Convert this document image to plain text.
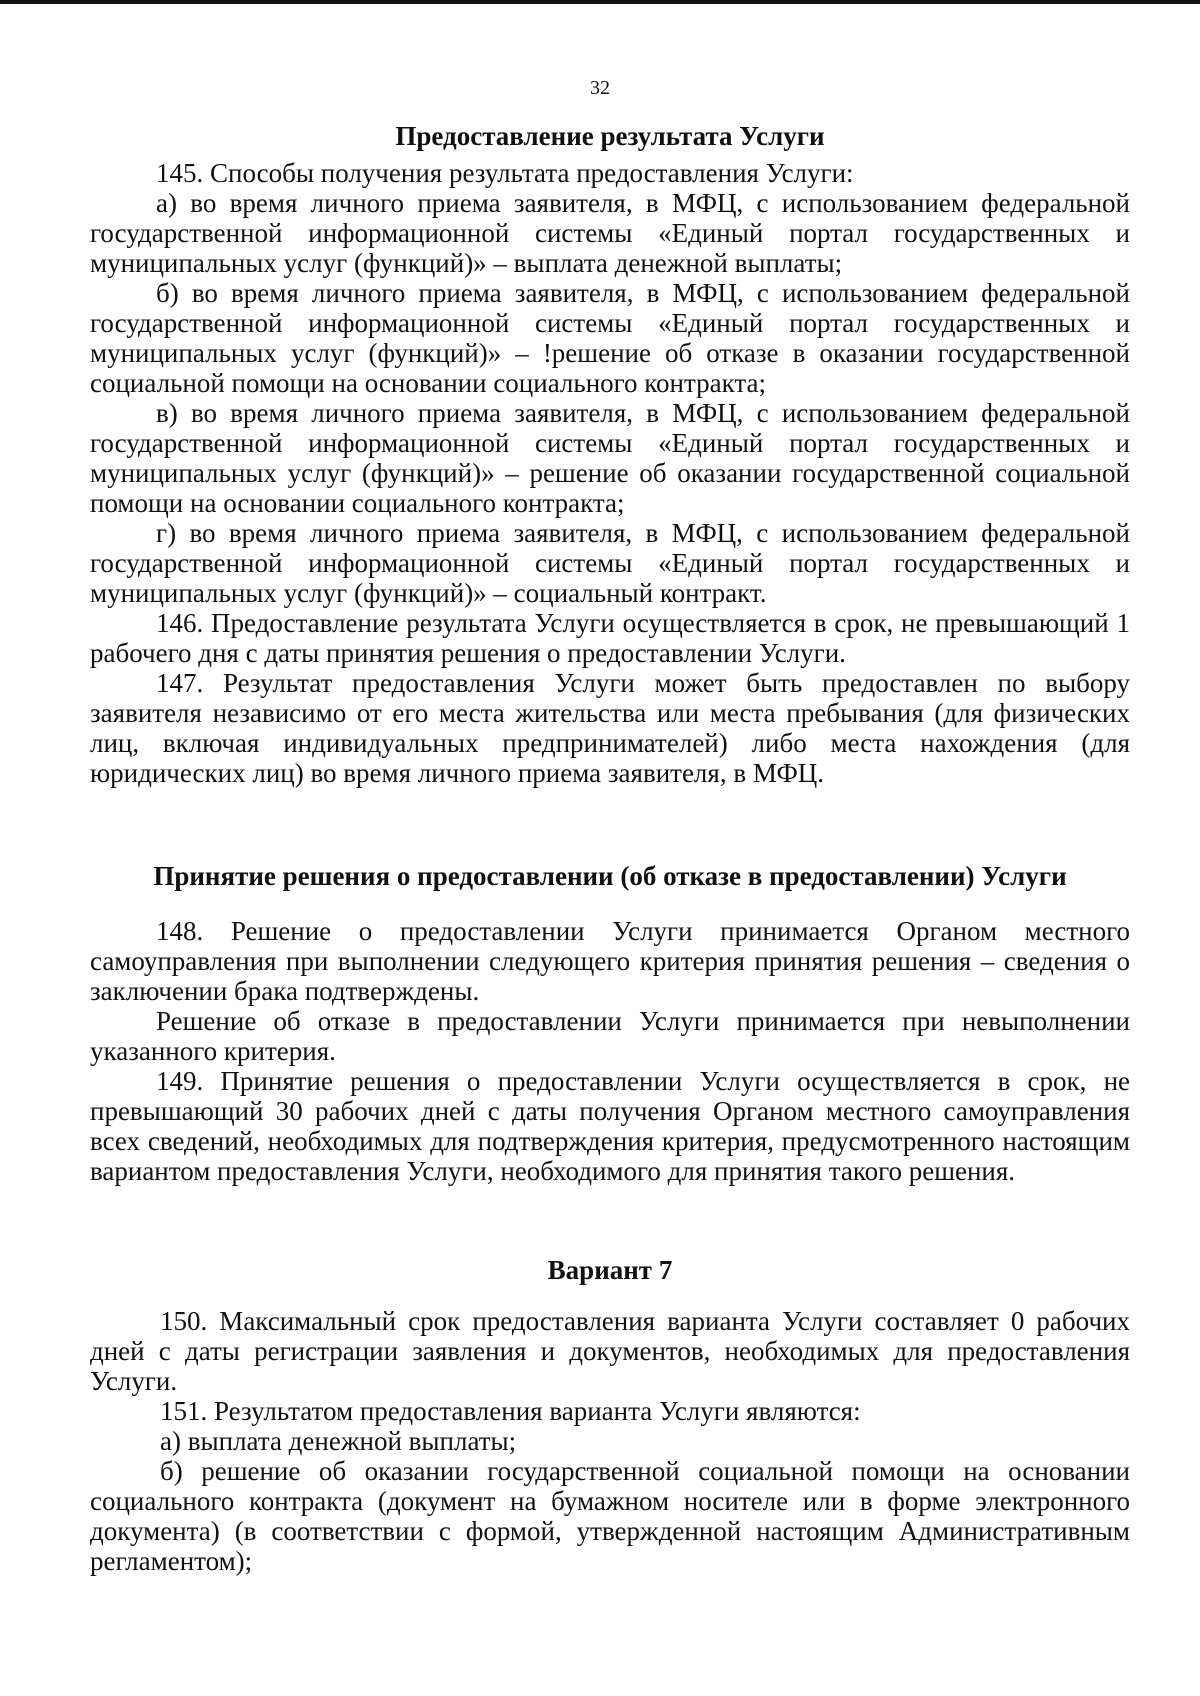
32
Предоставление результата Услуги

145. Способы получения результата предоставления Услуги:

а) во время личного приема заявителя, в МФЦ, с использованием федеральной государственной информационной системы «Единый портал государственных и муниципальных услуг (функций)» – выплата денежной выплаты;

б) во время личного приема заявителя, в МФЦ, с использованием федеральной государственной информационной системы «Единый портал государственных и муниципальных услуг (функций)» – !решение об отказе в оказании государственной социальной помощи на основании социального контракта;

в) во время личного приема заявителя, в МФЦ, с использованием федеральной государственной информационной системы «Единый портал государственных и муниципальных услуг (функций)» – решение об оказании государственной социальной помощи на основании социального контракта;

г) во время личного приема заявителя, в МФЦ, с использованием федеральной государственной информационной системы «Единый портал государственных и муниципальных услуг (функций)» – социальный контракт.

146. Предоставление результата Услуги осуществляется в срок, не превышающий 1 рабочего дня с даты принятия решения о предоставлении Услуги.

147. Результат предоставления Услуги может быть предоставлен по выбору заявителя независимо от его места жительства или места пребывания (для физических лиц, включая индивидуальных предпринимателей) либо места нахождения (для юридических лиц) во время личного приема заявителя, в МФЦ.

Принятие решения о предоставлении (об отказе в предоставлении) Услуги

148. Решение о предоставлении Услуги принимается Органом местного самоуправления при выполнении следующего критерия принятия решения – сведения о заключении брака подтверждены.

Решение об отказе в предоставлении Услуги принимается при невыполнении указанного критерия.

149. Принятие решения о предоставлении Услуги осуществляется в срок, не превышающий 30 рабочих дней с даты получения Органом местного самоуправления всех сведений, необходимых для подтверждения критерия, предусмотренного настоящим вариантом предоставления Услуги, необходимого для принятия такого решения.

Вариант 7

150. Максимальный срок предоставления варианта Услуги составляет 0 рабочих дней с даты регистрации заявления и документов, необходимых для предоставления Услуги.

151. Результатом предоставления варианта Услуги являются:

а) выплата денежной выплаты;

б) решение об оказании государственной социальной помощи на основании социального контракта (документ на бумажном носителе или в форме электронного документа) (в соответствии с формой, утвержденной настоящим Административным регламентом);
